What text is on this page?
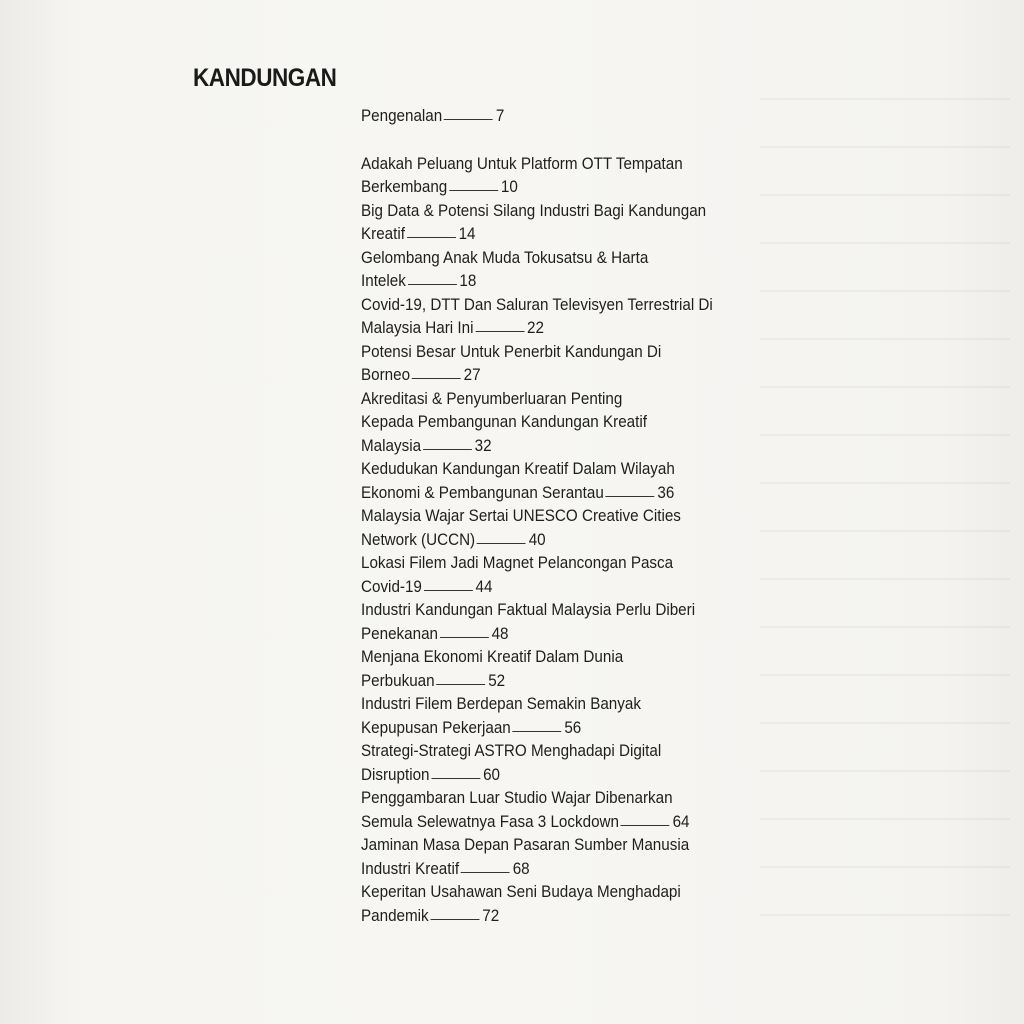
KANDUNGAN
Pengenalan	7
Adakah Peluang Untuk Platform OTT Tempatan
Berkembang	10
Big Data & Potensi Silang Industri Bagi Kandungan
Kreatif	14
Gelombang Anak Muda Tokusatsu & Harta
Intelek	18
Covid-19, DTT Dan Saluran Televisyen Terrestrial Di
Malaysia Hari Ini	22
Potensi Besar Untuk Penerbit Kandungan Di
Borneo	27
Akreditasi & Penyumberluaran Penting
Kepada Pembangunan Kandungan Kreatif
Malaysia	32
Kedudukan Kandungan Kreatif Dalam Wilayah
Ekonomi & Pembangunan Serantau	36
Malaysia Wajar Sertai UNESCO Creative Cities
Network (UCCN)	40
Lokasi Filem Jadi Magnet Pelancongan Pasca
Covid-19	44
Industri Kandungan Faktual Malaysia Perlu Diberi
Penekanan	48
Menjana Ekonomi Kreatif Dalam Dunia
Perbukuan	52
Industri Filem Berdepan Semakin Banyak
Kepupusan Pekerjaan	56
Strategi-Strategi ASTRO Menghadapi Digital
Disruption	60
Penggambaran Luar Studio Wajar Dibenarkan
Semula Selewatnya Fasa 3 Lockdown	64
Jaminan Masa Depan Pasaran Sumber Manusia
Industri Kreatif	68
Keperitan Usahawan Seni Budaya Menghadapi
Pandemik	72
